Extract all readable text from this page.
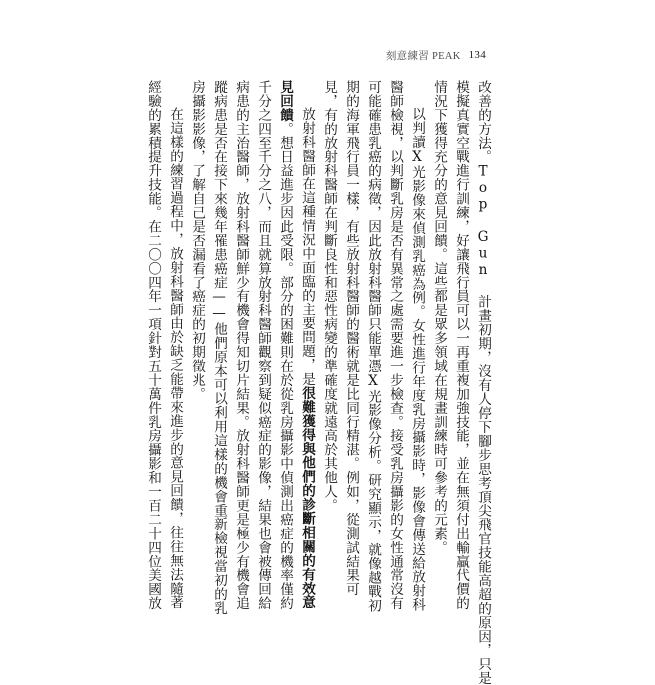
刻意練習 PEAK 134
改善的方法。Top Gun 計畫初期，沒有人停下腳步思考頂尖飛官技能高超的原因，只是
模擬真實空戰進行訓練，好讓飛行員可以一再重複加強技能，並在無須付出輸贏代價的
情況下獲得充分的意見回饋。這些都是眾多領域在規畫訓練時可參考的元素。
以判讀X光影像來偵測乳癌為例。女性進行年度乳房攝影時，影像會傳送給放射科
醫師檢視，以判斷乳房是否有異常之處需要進一步檢查。接受乳房攝影的女性通常沒有
可能確患乳癌的病徵，因此放射科醫師只能單憑X光影像分析。研究顯示，就像越戰初
期的海軍飛行員一樣，有些放射科醫師的醫術就是比同行精湛。例如，從測試結果可
見，有的放射科醫師在判斷良性和惡性病變的準確度就遠高於其他人。
放射科醫師在這種情況中面臨的主要問題，是很難獲得與他們的診斷相關的有效意
見回饋。想日益進步因此受限。部分的困難則在於從乳房攝影中偵測出癌症的機率僅約
千分之四至千分之八，而且就算放射科醫師觀察到疑似癌症的影像，結果也會被傳回給
病患的主治醫師，放射科醫師鮮少有機會得知切片結果。放射科醫師更是極少有機會追
蹤病患是否在接下來幾年罹患癌症——他們原本可以利用這樣的機會重新檢視當初的乳
房攝影影像，了解自己是否漏看了癌症的初期徵兆。
在這樣的練習過程中，放射科醫師由於缺乏能帶來進步的意見回饋，往往無法隨著
經驗的累積提升技能。在二〇〇四年一項針對五十萬件乳房攝影和一百二十四位美國放
